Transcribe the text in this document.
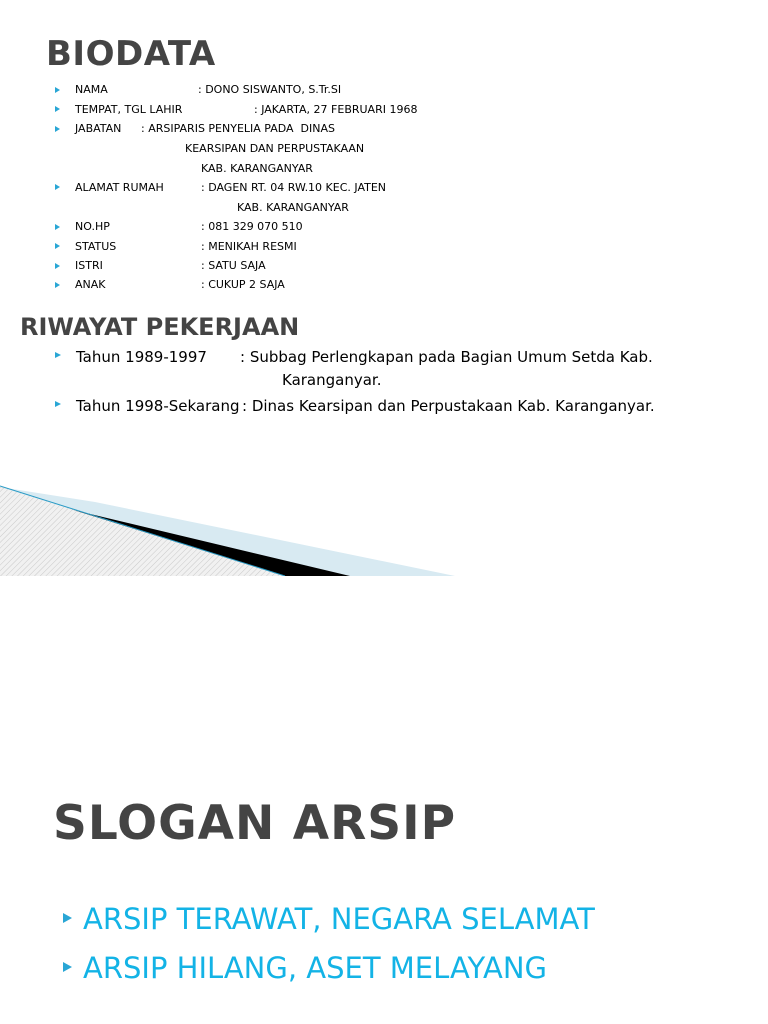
BIODATA
NAMA	: DONO SISWANTO, S.Tr.SI
TEMPAT, TGL LAHIR	: JAKARTA, 27 FEBRUARI 1968
JABATAN : ARSIPARIS PENYELIA PADA  DINAS
KEARSIPAN DAN PERPUSTAKAAN
KAB. KARANGANYAR
ALAMAT RUMAH	: DAGEN RT. 04 RW.10 KEC. JATEN
KAB. KARANGANYAR
NO.HP	: 081 329 070 510
STATUS	: MENIKAH RESMI
ISTRI	: SATU SAJA
ANAK	: CUKUP 2 SAJA
RIWAYAT PEKERJAAN
Tahun 1989-1997 : Subbag Perlengkapan pada Bagian Umum Setda Kab.
Karanganyar.
Tahun 1998-Sekarang : Dinas Kearsipan dan Perpustakaan Kab. Karanganyar.
SLOGAN ARSIP
ARSIP TERAWAT, NEGARA SELAMAT
ARSIP HILANG, ASET MELAYANG
